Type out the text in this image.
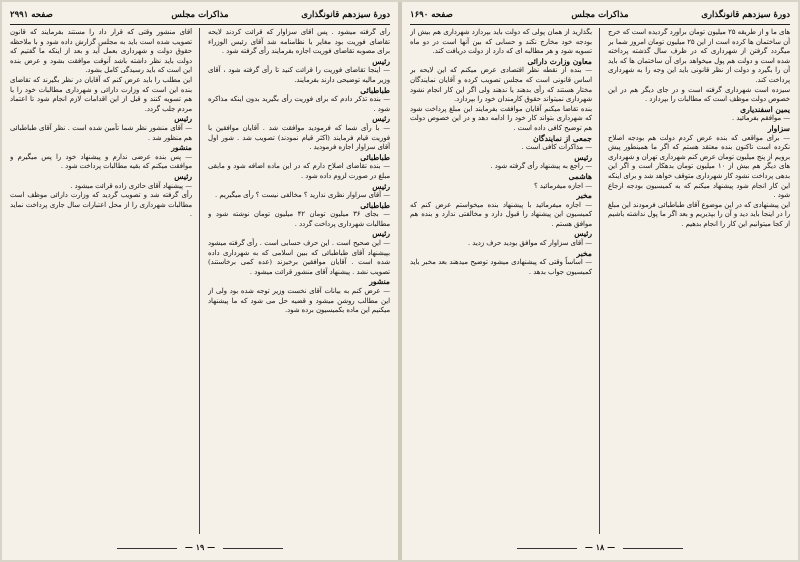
دورهٔ سیزدهم قانونگذاری
مذاکرات مجلس
صفحه ۲۹۹۱

رأی گرفته میشود . پس آقای سزاوار که قرائت کردند لایحه تقاضای فوریت بود مغایر با نظامنامه شد آقای رئیس الوزراء برای مصوبه تقاضای فوریت اجازه بفرمایند رأی گرفته شود .

رئیس

— اینجا تقاضای فوریت را قرائت کنید تا رأی گرفته شود ، آقای وزیر مالیه توضیحی دارند بفرمایند.

طباطبائی

— بنده تذکر دادم که برای فوریت رأی بگیرید بدون اینکه مذاکره شود .

رئیس

— با رأی شما که فرمودید موافقت شد . آقایان موافقین با فوریت قیام فرمایند (اکثر قیام نمودند) تصویب شد . شور اول آقای سزاوار اجازه فرمودید .

طباطبائی

— بنده تقاضای اصلاح دارم که در این ماده اضافه شود و مابقی مبلغ در صورت لزوم داده شود .

رئیس

— آقای سزاوار نظری ندارید ؟ مخالفی نیست ؟ رأی میگیریم .

طباطبائی

— بجای ۳۶ میلیون تومان ۴۲ میلیون تومان نوشته شود و مطالبات شهرداری پرداخت گردد .

رئیس

— این صحیح است . این حرف حسابی است . رأی گرفته میشود بپیشنهاد آقای طباطبائی که ببین اسلامی که به شهرداری داده شده است . آقایان موافقین برخیزند (عده کمی برخاستند) تصویب نشد . پیشنهاد آقای منشور قرائت میشود .

منشور

— عرض کنم به بیانات آقای نخست وزیر توجه شده بود ولی از این مطالب روشن میشود و قضیه حل می شود که ما پیشنهاد میکنیم این ماده بکمیسیون برده شود.

آقای منشور وقتی که قرار داد را مستند بفرمایند که قانون تصویب شده است باید به مجلس گزارش داده شود و با ملاحظه حقوق دولت و شهرداری بعمل آید و بعد از اینکه ما گفتیم که دولت باید نظر داشته باشد آنوقت موافقت بشود و عرض بنده این است که باید رسیدگی کامل بشود.

این مطلب را باید عرض کنم که آقایان در نظر بگیرند که تقاضای بنده این است که وزارت دارائی و شهرداری مطالبات خود را با هم تسویه کنند و قبل از این اقدامات لازم انجام شود تا اعتماد مردم جلب گردد.

رئیس

— آقای منشور نظر شما تأمین شده است . نظر آقای طباطبائی هم منظور شد .

منشور

— پس بنده عرضی ندارم و پیشنهاد خود را پس میگیرم و موافقت میکنم که بقیه مطالبات پرداخت شود .

رئیس

— پیشنهاد آقای حائری زاده قرائت میشود .

رأی گرفته شد و تصویب گردید که وزارت دارائی موظف است مطالبات شهرداری را از محل اعتبارات سال جاری پرداخت نماید .

— ۱۹ —
دورهٔ سیزدهم قانونگذاری
مذاکرات مجلس
صفحه ۱۶۹۰

های ما و از طریقه ۲۵ میلیون تومان برآورد گردیده است که خرج آن ساختمان ها کرده است از این ۲۵ میلیون تومان امروز شما بر میگردد گرفتن از شهرداری که در ظرف سال گذشته پرداخته شده است و دولت هم پول میخواهد برای آن ساختمان ها که باید آن را بگیرد و دولت از نظر قانونی باید این وجه را به شهرداری پرداخت کند.

سیزده است شهرداری گرفته است و در جای دیگر هم در این خصوص دولت موظف است که مطالبات را بپردازد .

یمین اسفندیاری

— موافقم بفرمائید .

سزاوار

— برای مواقعی که بنده عرض کردم دولت هم بودجه اصلاح نکرده است تاکنون بنده معتقد هستم که اگر ما همینطور پیش برویم از پنج میلیون تومان عرض کنم شهرداری تهران و شهرداری های دیگر هم بیش از ۱۰ میلیون تومان بدهکار است و اگر این بدهی پرداخت نشود کار شهرداری متوقف خواهد شد و برای اینکه این کار انجام شود پیشنهاد میکنم که به کمیسیون بودجه ارجاع شود .

این پیشنهادی که در این موضوع آقای طباطبائی فرمودند این مبلغ را در اینجا باید دید و آن را بپذیریم و بعد اگر ما پول نداشته باشیم از کجا میتوانیم این کار را انجام بدهیم .

بگذارید از همان پولی که دولت باید بپردازد شهرداری هم بیش از بودجه خود مخارج نکند و حسابی که بین آنها است در دو ماه تسویه شود و هر مطالبه ای که دارد از دولت دریافت کند.

معاون وزارت دارائی

— بنده از نقطه نظر اقتصادی عرض میکنم که این لایحه بر اساس قانونی است که مجلس تصویب کرده و آقایان نمایندگان مختار هستند که رأی بدهند یا ندهند ولی اگر این کار انجام نشود شهرداری نمیتواند حقوق کارمندان خود را بپردازد.

بنده تقاضا میکنم آقایان موافقت بفرمایند این مبلغ پرداخت شود که شهرداری بتواند کار خود را ادامه دهد و در این خصوص دولت هم توضیح کافی داده است .

جمعی از نمایندگان

— مذاکرات کافی است .

رئیس

— راجع به پیشنهاد رأی گرفته شود .

هاشمی

— اجازه میفرمائید ؟

مخبر

— اجازه میفرمائید با پیشنهاد بنده میخواستم عرض کنم که کمیسیون این پیشنهاد را قبول دارد و مخالفتی ندارد و بنده هم موافق هستم .

رئیس

— آقای سزاوار که موافق بودید حرف زدید .

مخبر

— اساساً وقتی که پیشنهادی میشود توضیح میدهند بعد مخبر باید کمیسیون جواب بدهد .

— ۱۸ —
